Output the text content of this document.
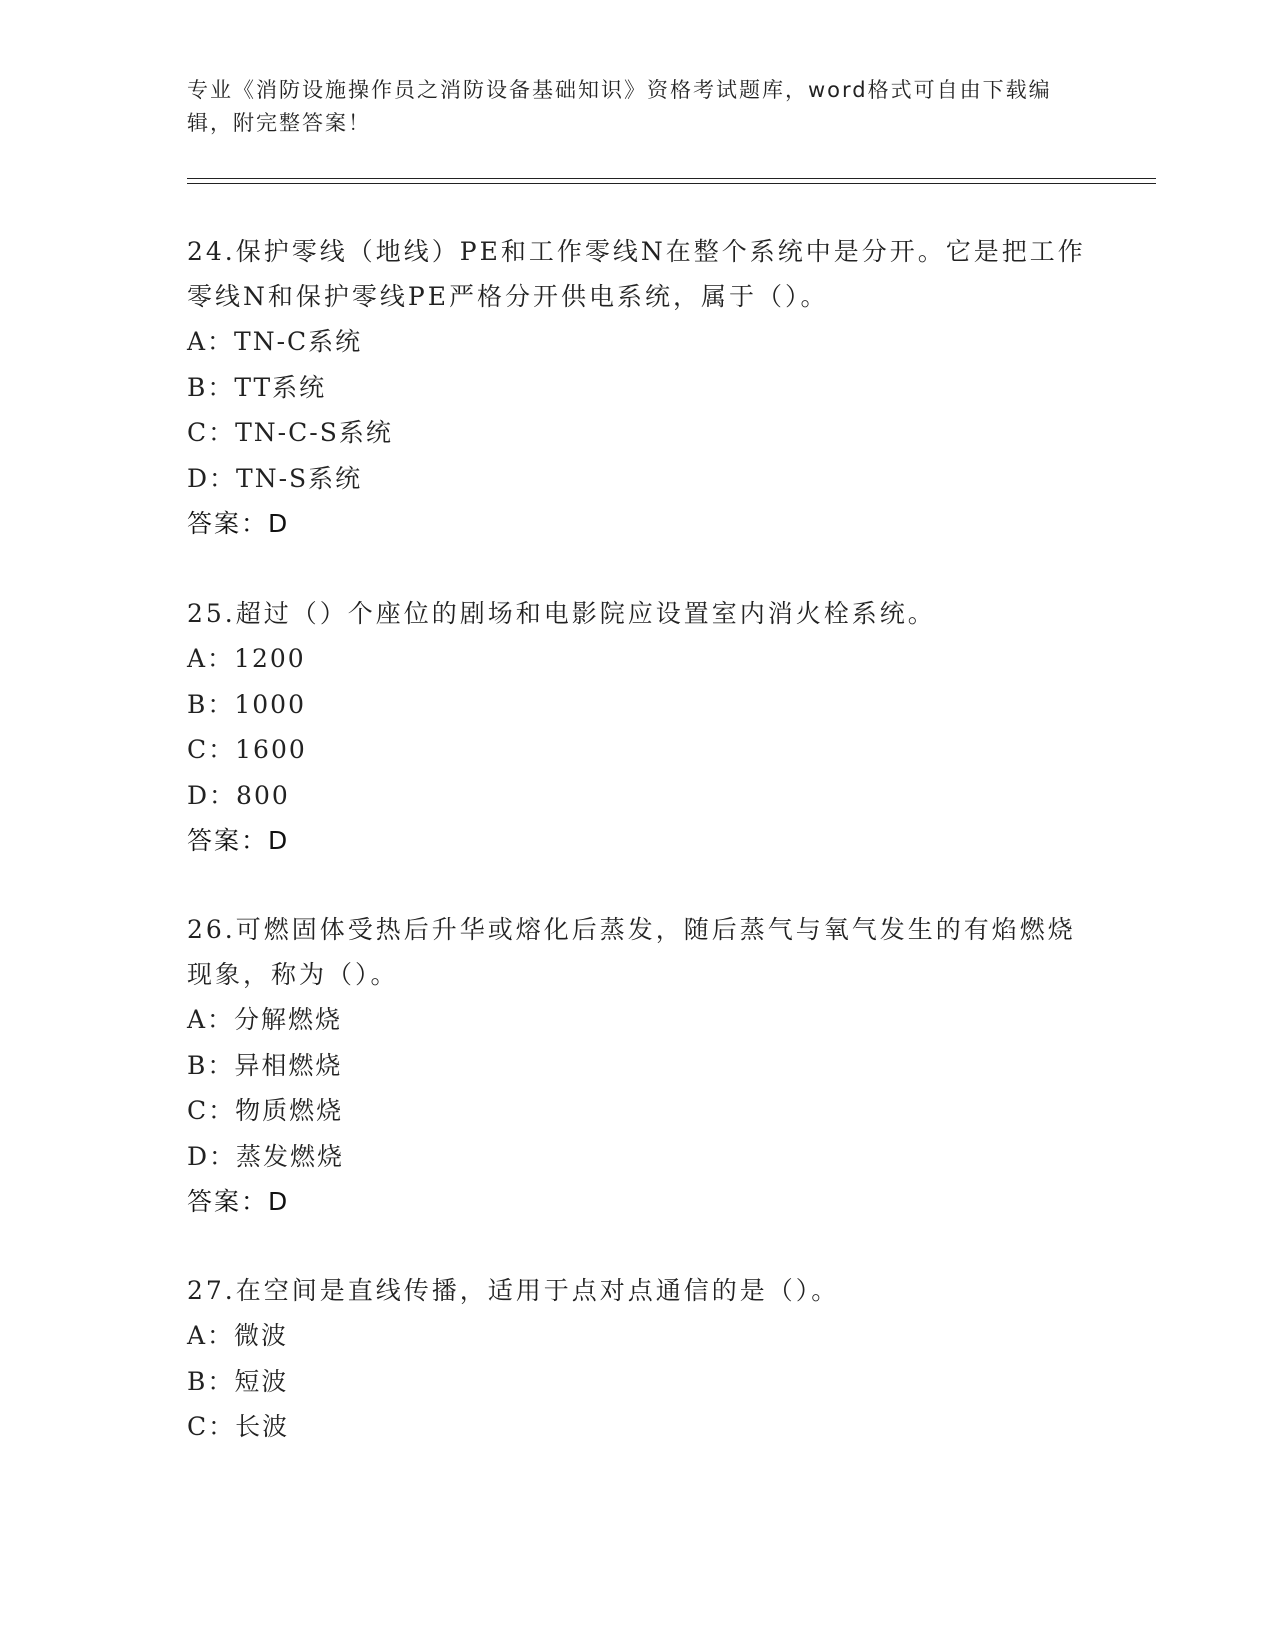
专业《消防设施操作员之消防设备基础知识》资格考试题库，word格式可自由下载编辑，附完整答案！
24.保护零线（地线）PE和工作零线N在整个系统中是分开。它是把工作零线N和保护零线PE严格分开供电系统，属于（）。
A：TN-C系统
B：TT系统
C：TN-C-S系统
D：TN-S系统
答案：D
25.超过（）个座位的剧场和电影院应设置室内消火栓系统。
A：1200
B：1000
C：1600
D：800
答案：D
26.可燃固体受热后升华或熔化后蒸发，随后蒸气与氧气发生的有焰燃烧现象，称为（）。
A：分解燃烧
B：异相燃烧
C：物质燃烧
D：蒸发燃烧
答案：D
27.在空间是直线传播，适用于点对点通信的是（）。
A：微波
B：短波
C：长波
